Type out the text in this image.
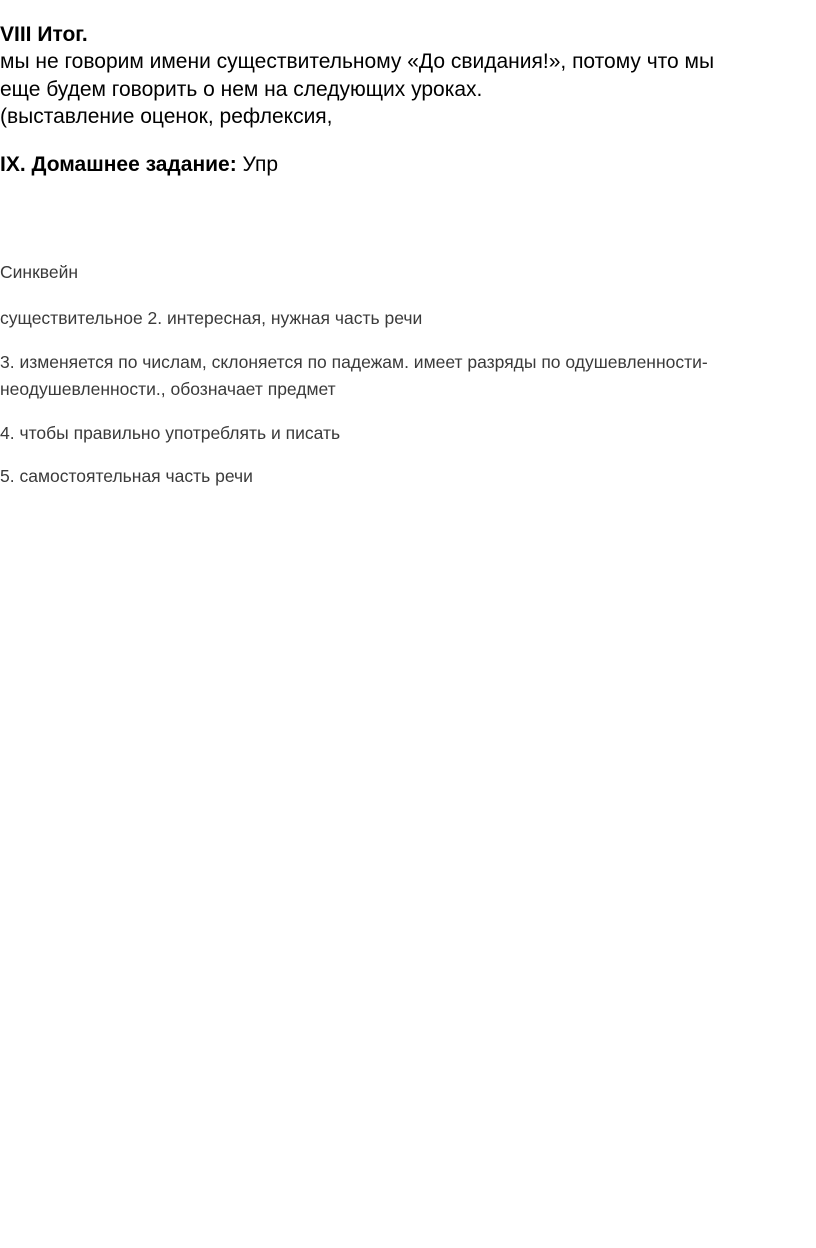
VIII Итог.
мы не говорим имени существительному «До свидания!», потому что мы
еще будем говорить о нем на следующих уроках.
(выставление оценок, рефлексия,
IX. Домашнее задание: Упр
Синквейн
существительное 2. интересная, нужная часть речи
3. изменяется по числам, склоняется по падежам. имеет разряды по одушевленности-
неодушевленности., обозначает предмет
4. чтобы правильно употреблять и писать
5. самостоятельная часть речи
